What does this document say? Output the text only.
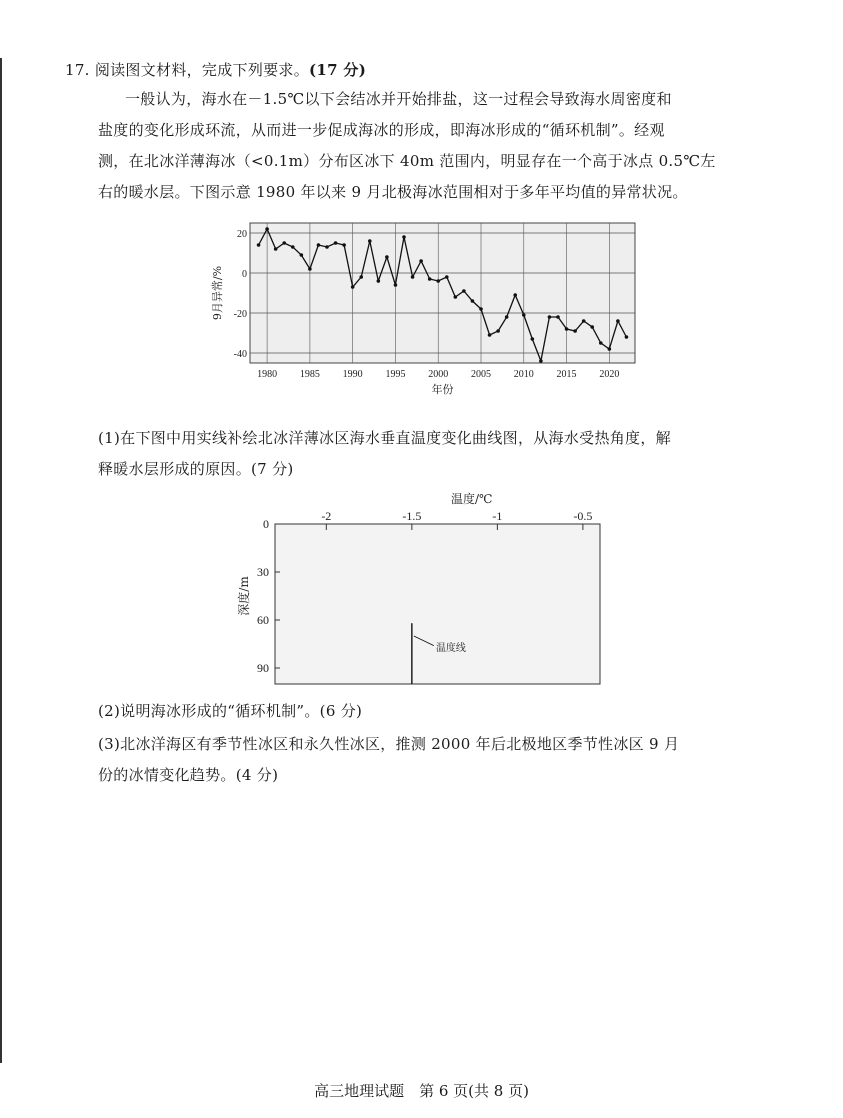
17. 阅读图文材料，完成下列要求。(17 分)
一般认为，海水在－1.5℃以下会结冰并开始排盐，这一过程会导致海水周密度和
盐度的变化形成环流，从而进一步促成海冰的形成，即海冰形成的“循环机制”。经观
测，在北冰洋薄海冰（<0.1m）分布区冰下 40m 范围内，明显存在一个高于冰点 0.5℃左
右的暖水层。下图示意 1980 年以来 9 月北极海冰范围相对于多年平均值的异常状况。
20
0
-20
-40
1980 1985 1990 1995 2000 2005 2010 2015 2020
9月异常/%
年份
(1)在下图中用实线补绘北冰洋薄冰区海水垂直温度变化曲线图，从海水受热角度，解
释暖水层形成的原因。(7 分)
温度/℃
-2	-1.5	-1	-0.5
0
30
60
90
深度/m
温度线
(2)说明海冰形成的“循环机制”。(6 分)
(3)北冰洋海区有季节性冰区和永久性冰区，推测 2000 年后北极地区季节性冰区 9 月
份的冰情变化趋势。(4 分)
高三地理试题　第 6 页(共 8 页)
